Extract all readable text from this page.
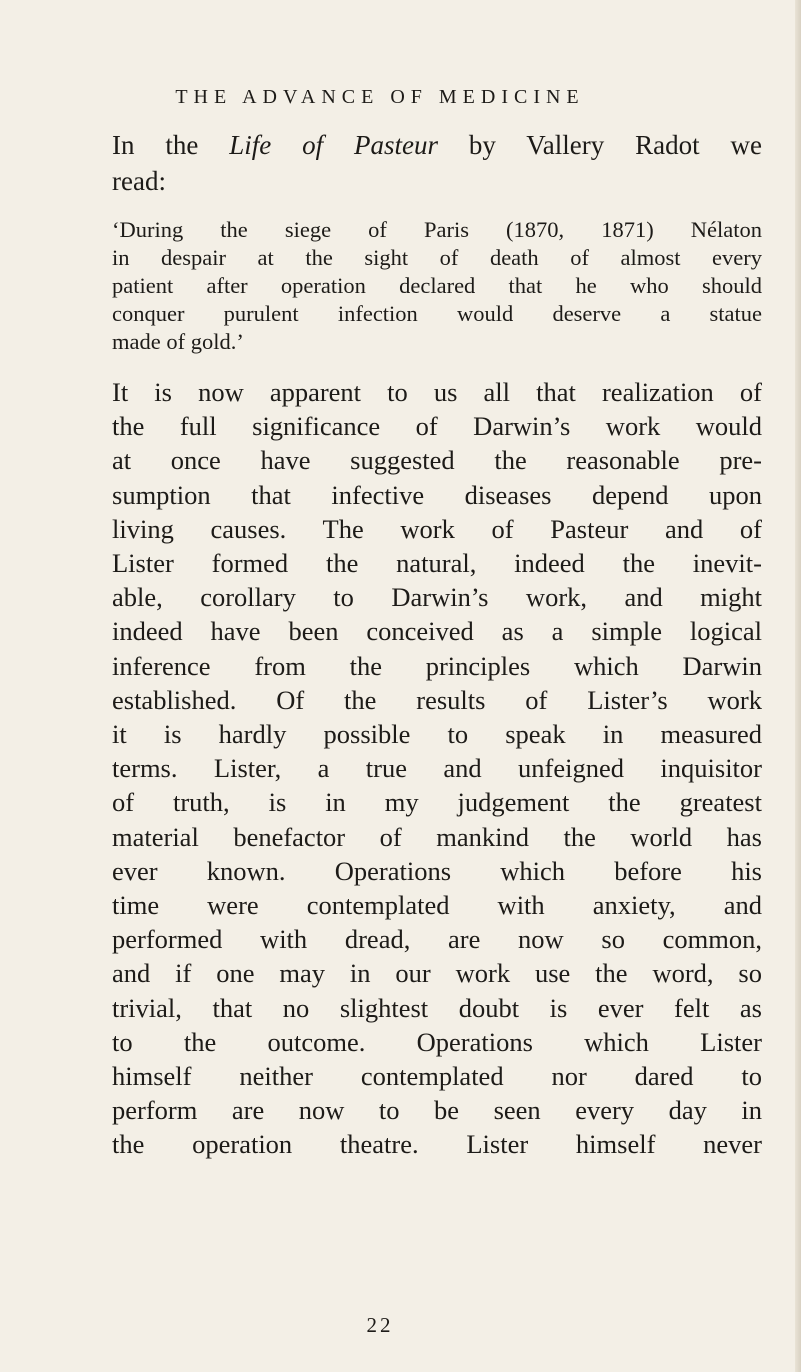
THE ADVANCE OF MEDICINE
In the Life of Pasteur by Vallery Radot we
read:
‘During the siege of Paris (1870, 1871) Nélaton
in despair at the sight of death of almost every
patient after operation declared that he who should
conquer purulent infection would deserve a statue
made of gold.’
It is now apparent to us all that realization of
the full significance of Darwin’s work would
at once have suggested the reasonable pre-
sumption that infective diseases depend upon
living causes. The work of Pasteur and of
Lister formed the natural, indeed the inevit-
able, corollary to Darwin’s work, and might
indeed have been conceived as a simple logical
inference from the principles which Darwin
established. Of the results of Lister’s work
it is hardly possible to speak in measured
terms. Lister, a true and unfeigned inquisitor
of truth, is in my judgement the greatest
material benefactor of mankind the world has
ever known. Operations which before his
time were contemplated with anxiety, and
performed with dread, are now so common,
and if one may in our work use the word, so
trivial, that no slightest doubt is ever felt as
to the outcome. Operations which Lister
himself neither contemplated nor dared to
perform are now to be seen every day in
the operation theatre. Lister himself never
22
